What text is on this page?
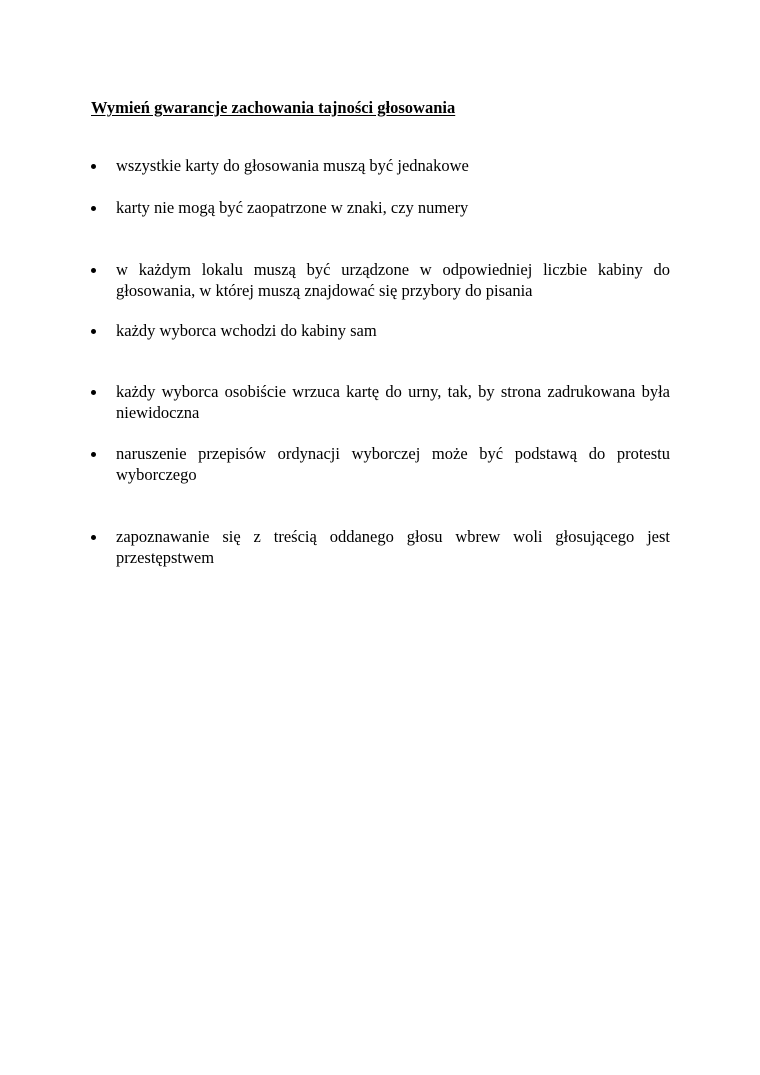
Wymień gwarancje zachowania tajności głosowania
wszystkie karty do głosowania muszą być jednakowe
karty nie mogą być zaopatrzone w znaki, czy numery
w każdym lokalu muszą być urządzone w odpowiedniej liczbie kabiny do głosowania, w której muszą znajdować się przybory do pisania
każdy wyborca wchodzi do kabiny sam
każdy wyborca osobiście wrzuca kartę do urny, tak, by strona zadrukowana była niewidoczna
naruszenie przepisów ordynacji wyborczej może być podstawą do protestu wyborczego
zapoznawanie się z treścią oddanego głosu wbrew woli głosującego jest przestępstwem
